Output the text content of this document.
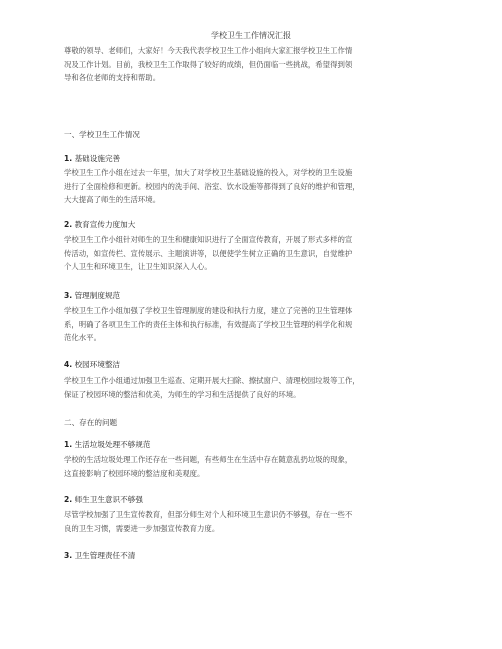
学校卫生工作情况汇报
尊敬的领导、老师们，大家好！今天我代表学校卫生工作小组向大家汇报学校卫生工作情
况及工作计划。目前，我校卫生工作取得了较好的成绩，但仍面临一些挑战，希望得到领
导和各位老师的支持和帮助。
一、学校卫生工作情况
1. 基础设施完善
学校卫生工作小组在过去一年里，加大了对学校卫生基础设施的投入，对学校的卫生设施
进行了全面检修和更新。校园内的洗手间、浴室、饮水设施等都得到了良好的维护和管理，
大大提高了师生的生活环境。
2. 教育宣传力度加大
学校卫生工作小组针对师生的卫生和健康知识进行了全面宣传教育，开展了形式多样的宣
传活动，如宣传栏、宣传展示、主题演讲等，以便使学生树立正确的卫生意识，自觉维护
个人卫生和环境卫生，让卫生知识深入人心。
3. 管理制度规范
学校卫生工作小组加强了学校卫生管理制度的建设和执行力度，建立了完善的卫生管理体
系，明确了各项卫生工作的责任主体和执行标准，有效提高了学校卫生管理的科学化和规
范化水平。
4. 校园环境整洁
学校卫生工作小组通过加强卫生巡查、定期开展大扫除、擦拭窗户、清理校园垃圾等工作，
保证了校园环境的整洁和优美，为师生的学习和生活提供了良好的环境。
二、存在的问题
1. 生活垃圾处理不够规范
学校的生活垃圾处理工作还存在一些问题，有些师生在生活中存在随意乱扔垃圾的现象，
这直接影响了校园环境的整洁度和美观度。
2. 师生卫生意识不够强
尽管学校加强了卫生宣传教育，但部分师生对个人和环境卫生意识仍不够强，存在一些不
良的卫生习惯，需要进一步加强宣传教育力度。
3. 卫生管理责任不清
